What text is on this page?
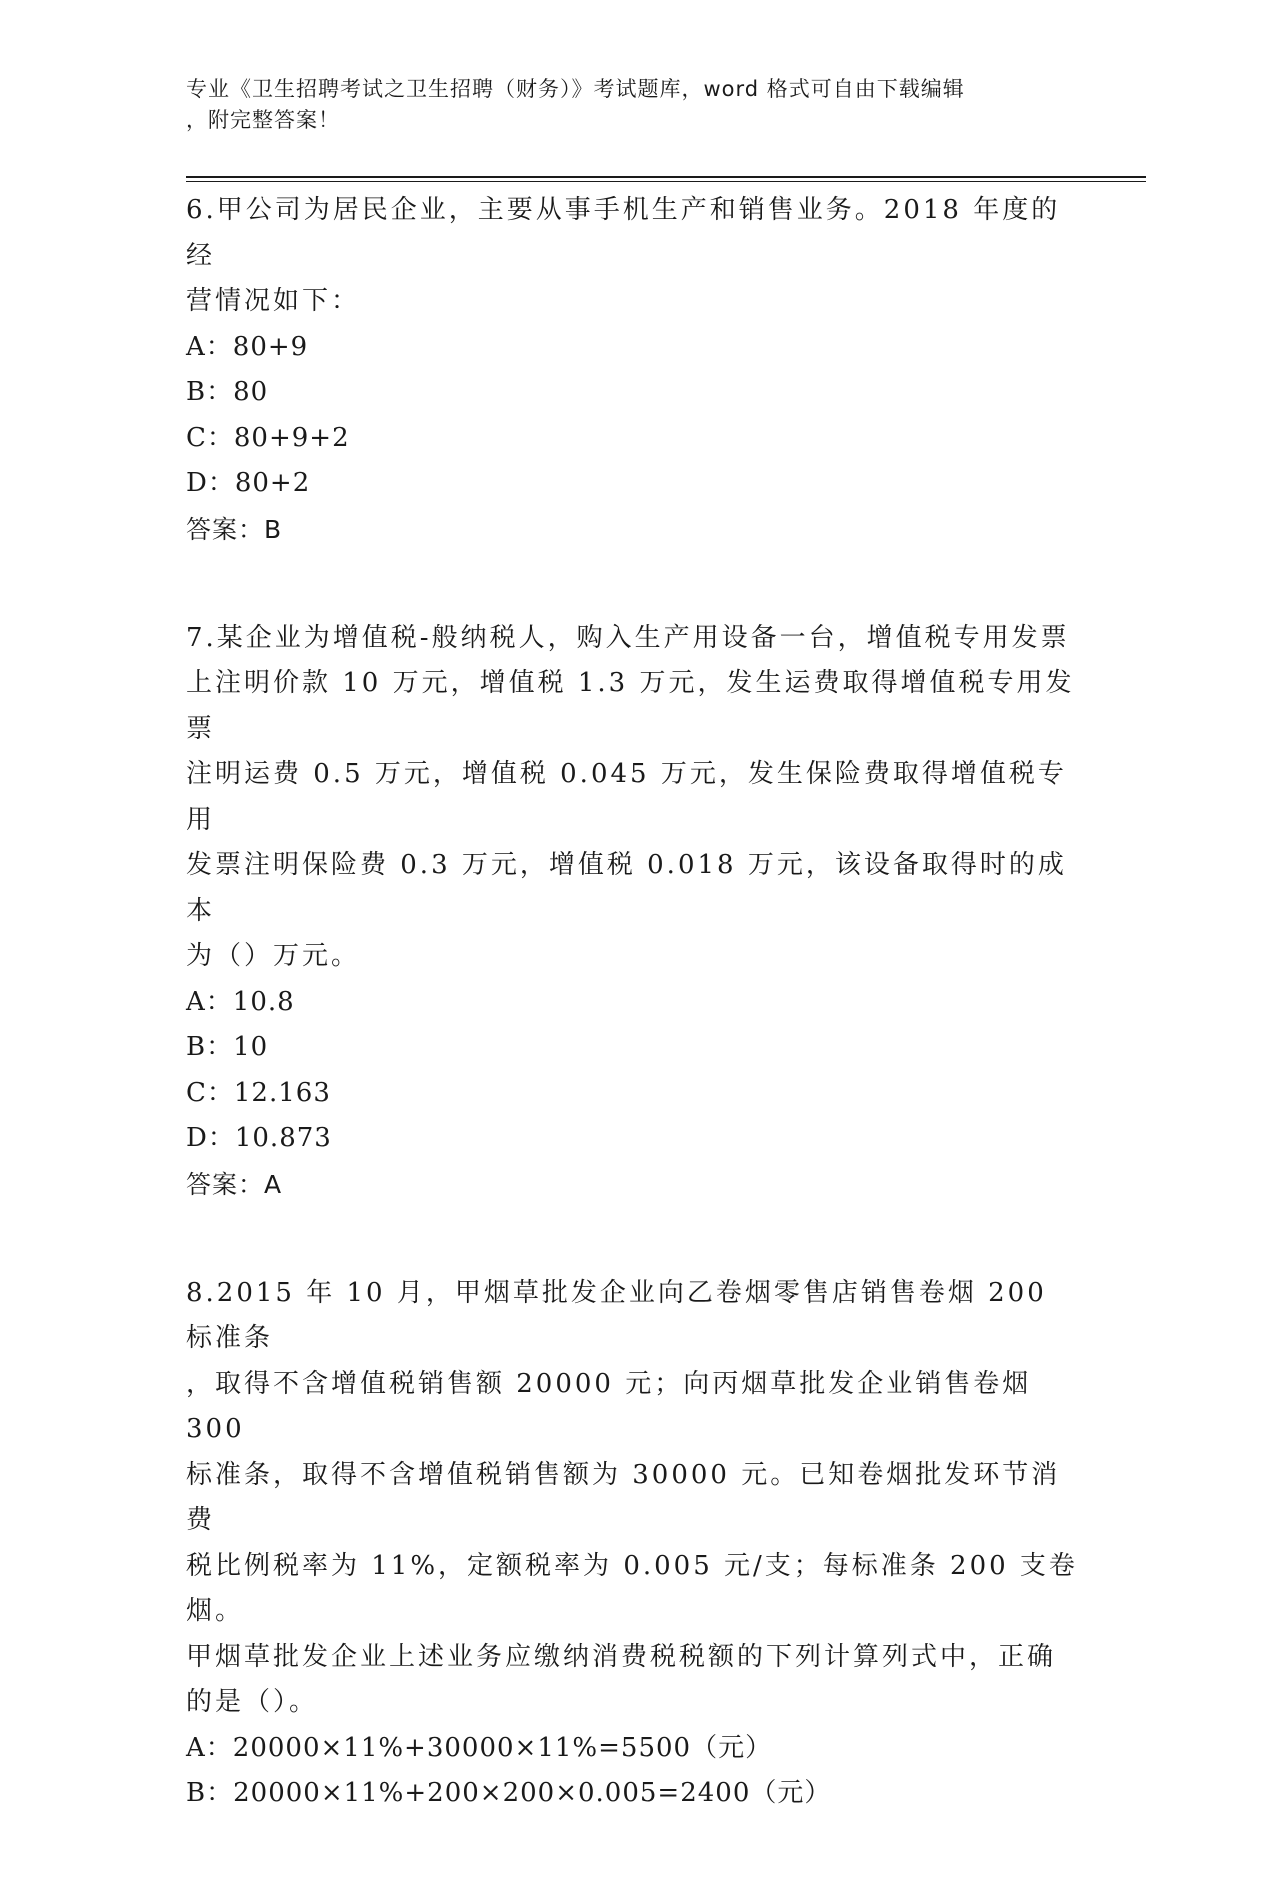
专业《卫生招聘考试之卫生招聘（财务）》考试题库，word 格式可自由下载编辑
，附完整答案！

6.甲公司为居民企业，主要从事手机生产和销售业务。2018 年度的经
营情况如下：

A：80+9

B：80

C：80+9+2

D：80+2

答案：B

7.某企业为增值税-般纳税人，购入生产用设备一台，增值税专用发票
上注明价款 10 万元，增值税 1.3 万元，发生运费取得增值税专用发票
注明运费 0.5 万元，增值税 0.045 万元，发生保险费取得增值税专用
发票注明保险费 0.3 万元，增值税 0.018 万元，该设备取得时的成本
为（）万元。

A：10.8

B：10

C：12.163

D：10.873

答案：A

8.2015 年 10 月，甲烟草批发企业向乙卷烟零售店销售卷烟 200 标准条
，取得不含增值税销售额 20000 元；向丙烟草批发企业销售卷烟 300
标准条，取得不含增值税销售额为 30000 元。已知卷烟批发环节消费
税比例税率为 11%，定额税率为 0.005 元/支；每标准条 200 支卷烟。
甲烟草批发企业上述业务应缴纳消费税税额的下列计算列式中，正确
的是（）。

A：20000×11%+30000×11%=5500（元）

B：20000×11%+200×200×0.005=2400（元）
